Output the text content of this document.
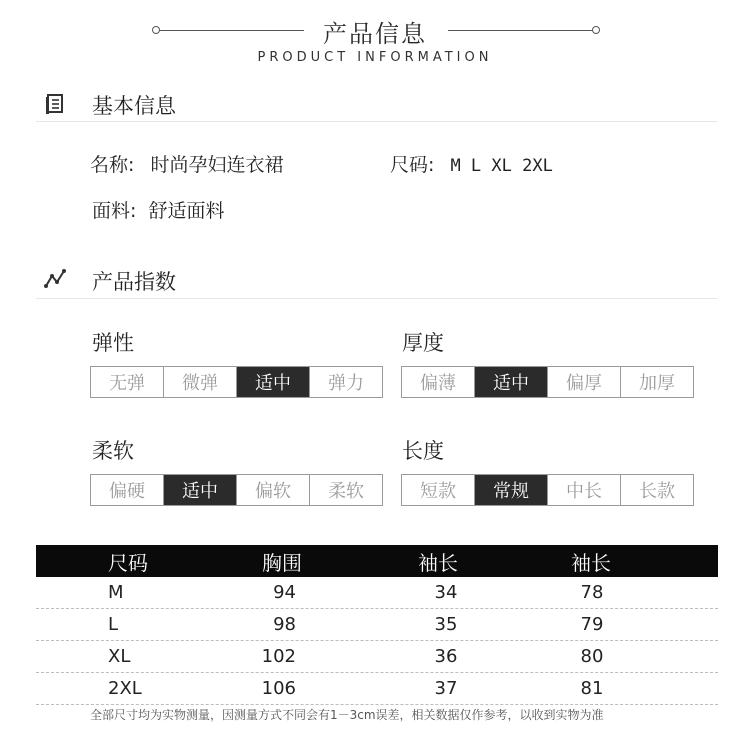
产品信息
PRODUCT INFORMATION
基本信息
名称: 时尚孕妇连衣裙	尺码: M L XL 2XL
面料: 舒适面料
产品指数
弹性
无弹	微弹	适中	弹力
厚度
偏薄	适中	偏厚	加厚
柔软
偏硬	适中	偏软	柔软
长度
短款	常规	中长	长款
尺码	胸围	袖长	袖长
M	94	34	78
L	98	35	79
XL	102	36	80
2XL	106	37	81
全部尺寸均为实物测量，因测量方式不同会有1－3cm误差，相关数据仅作参考，以收到实物为准
